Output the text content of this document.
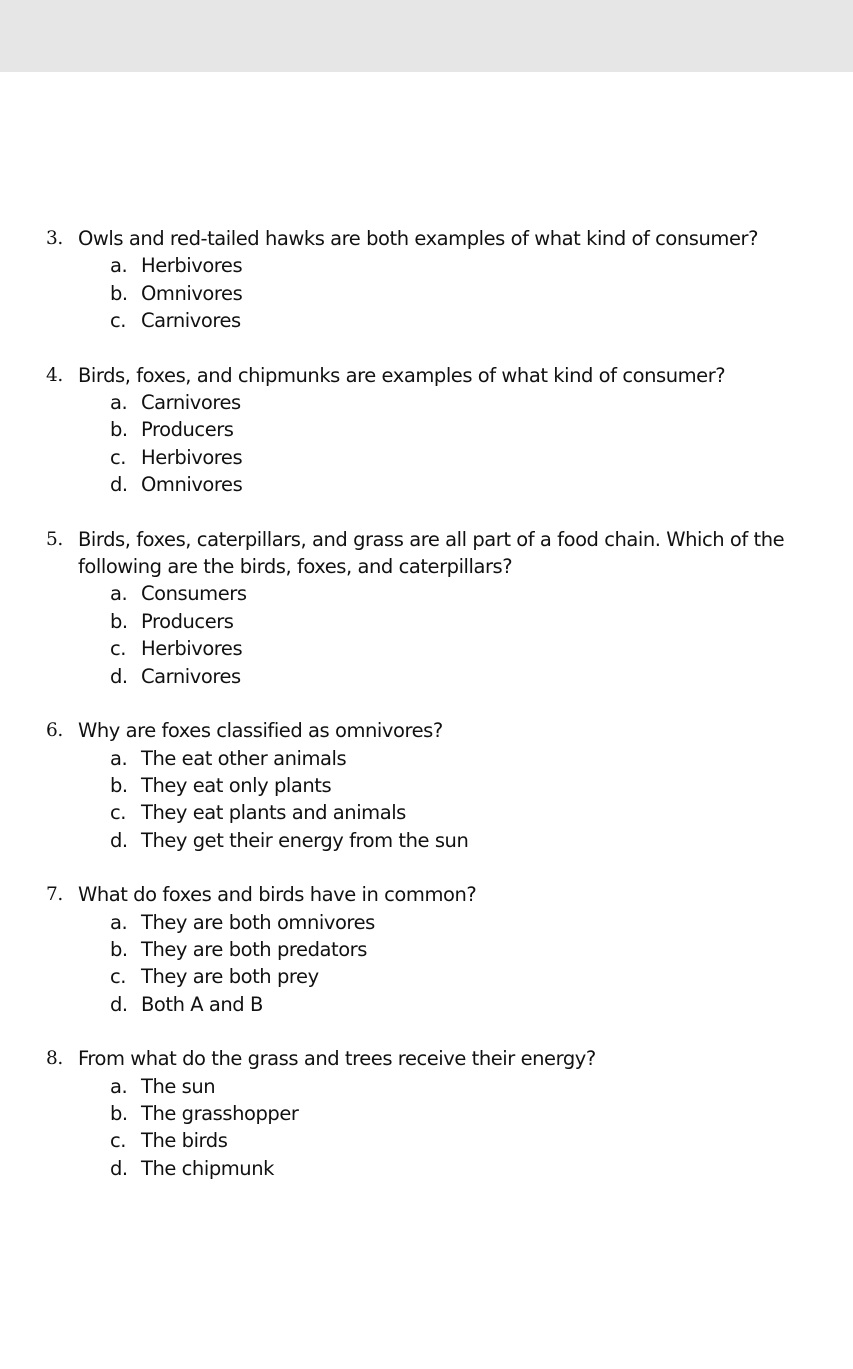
3. Owls and red-tailed hawks are both examples of what kind of consumer?
a. Herbivores
b. Omnivores
c. Carnivores
4. Birds, foxes, and chipmunks are examples of what kind of consumer?
a. Carnivores
b. Producers
c. Herbivores
d. Omnivores
5. Birds, foxes, caterpillars, and grass are all part of a food chain. Which of the following are the birds, foxes, and caterpillars?
a. Consumers
b. Producers
c. Herbivores
d. Carnivores
6. Why are foxes classified as omnivores?
a. The eat other animals
b. They eat only plants
c. They eat plants and animals
d. They get their energy from the sun
7. What do foxes and birds have in common?
a. They are both omnivores
b. They are both predators
c. They are both prey
d. Both A and B
8. From what do the grass and trees receive their energy?
a. The sun
b. The grasshopper
c. The birds
d. The chipmunk
